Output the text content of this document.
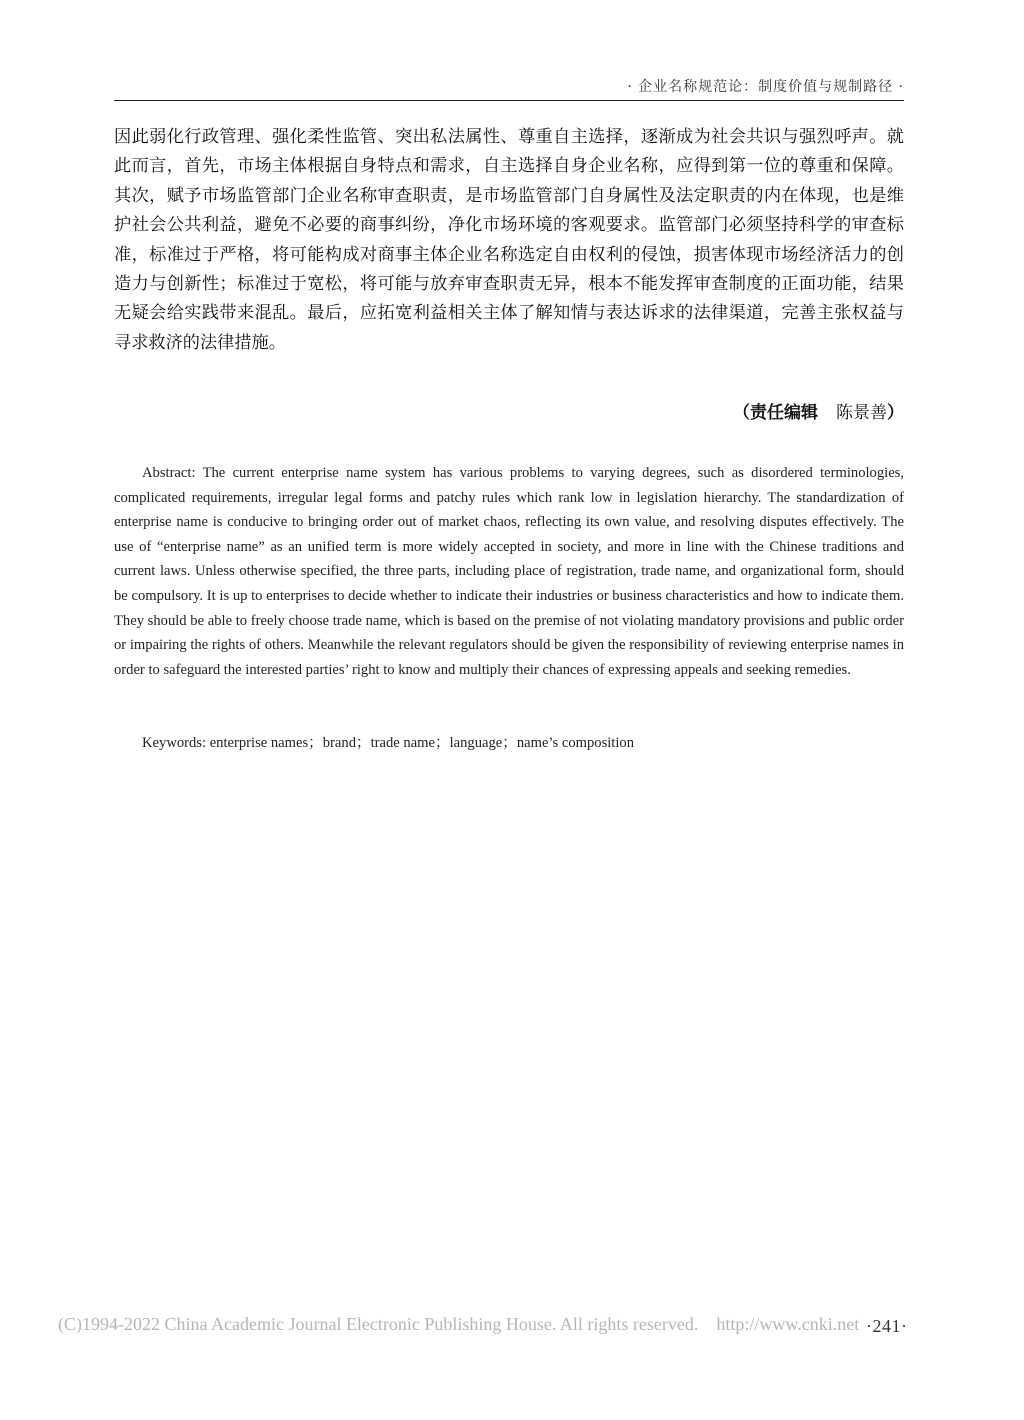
· 企业名称规范论：制度价值与规制路径 ·

因此弱化行政管理、强化柔性监管、突出私法属性、尊重自主选择，逐渐成为社会共识与强烈呼声。就此而言，首先，市场主体根据自身特点和需求，自主选择自身企业名称，应得到第一位的尊重和保障。其次，赋予市场监管部门企业名称审查职责，是市场监管部门自身属性及法定职责的内在体现，也是维护社会公共利益，避免不必要的商事纠纷，净化市场环境的客观要求。监管部门必须坚持科学的审查标准，标准过于严格，将可能构成对商事主体企业名称选定自由权利的侵蚀，损害体现市场经济活力的创造力与创新性；标准过于宽松，将可能与放弃审查职责无异，根本不能发挥审查制度的正面功能，结果无疑会给实践带来混乱。最后，应拓宽利益相关主体了解知情与表达诉求的法律渠道，完善主张权益与寻求救济的法律措施。

（责任编辑 陈景善）

Abstract: The current enterprise name system has various problems to varying degrees, such as disordered terminologies, complicated requirements, irregular legal forms and patchy rules which rank low in legislation hierarchy. The standardization of enterprise name is conducive to bringing order out of market chaos, reflecting its own value, and resolving disputes effectively. The use of “enterprise name” as an unified term is more widely accepted in society, and more in line with the Chinese traditions and current laws. Unless otherwise specified, the three parts, including place of registration, trade name, and organizational form, should be compulsory. It is up to enterprises to decide whether to indicate their industries or business characteristics and how to indicate them. They should be able to freely choose trade name, which is based on the premise of not violating mandatory provisions and public order or impairing the rights of others. Meanwhile the relevant regulators should be given the responsibility of reviewing enterprise names in order to safeguard the interested parties’ right to know and multiply their chances of expressing appeals and seeking remedies.

Keywords: enterprise names；brand；trade name；language；name’s composition

(C)1994-2022 China Academic Journal Electronic Publishing House. All rights reserved. http://www.cnki.net ·241·
